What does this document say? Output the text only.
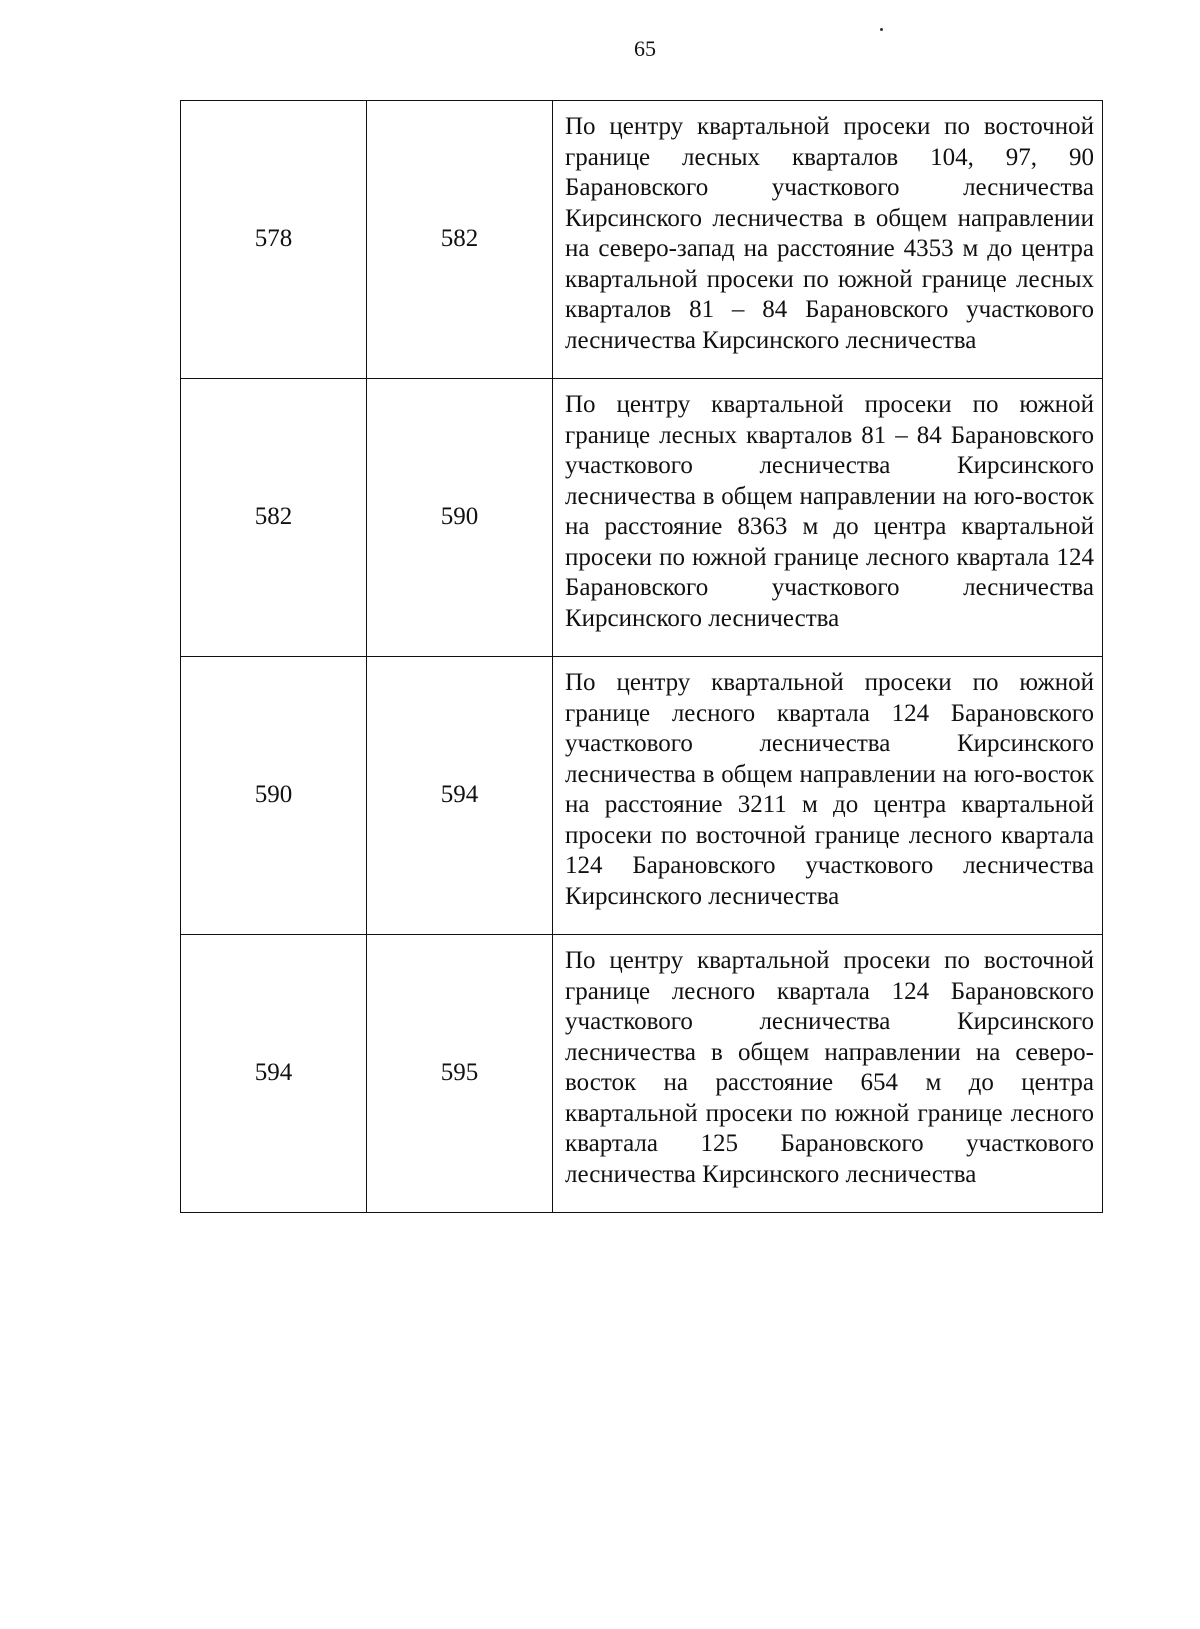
65
578	582	По центру квартальной просеки по восточной границе лесных кварталов 104, 97, 90 Барановского участкового лесничества Кирсинского лесничества в общем направлении на северо-запад на расстояние 4353 м до центра квартальной просеки по южной границе лесных кварталов 81 – 84 Барановского участкового лесничества Кирсинского лесничества

582	590	По центру квартальной просеки по южной границе лесных кварталов 81 – 84 Барановского участкового лесничества Кирсинского лесничества в общем направлении на юго-восток на расстояние 8363 м до центра квартальной просеки по южной границе лесного квартала 124 Барановского участкового лесничества Кирсинского лесничества

590	594	По центру квартальной просеки по южной границе лесного квартала 124 Барановского участкового лесничества Кирсинского лесничества в общем направлении на юго-восток на расстояние 3211 м до центра квартальной просеки по восточной границе лесного квартала 124 Барановского участкового лесничества Кирсинского лесничества

594	595	По центру квартальной просеки по восточной границе лесного квартала 124 Барановского участкового лесничества Кирсинского лесничества в общем направлении на северо-восток на расстояние 654 м до центра квартальной просеки по южной границе лесного квартала 125 Барановского участкового лесничества Кирсинского лесничества
